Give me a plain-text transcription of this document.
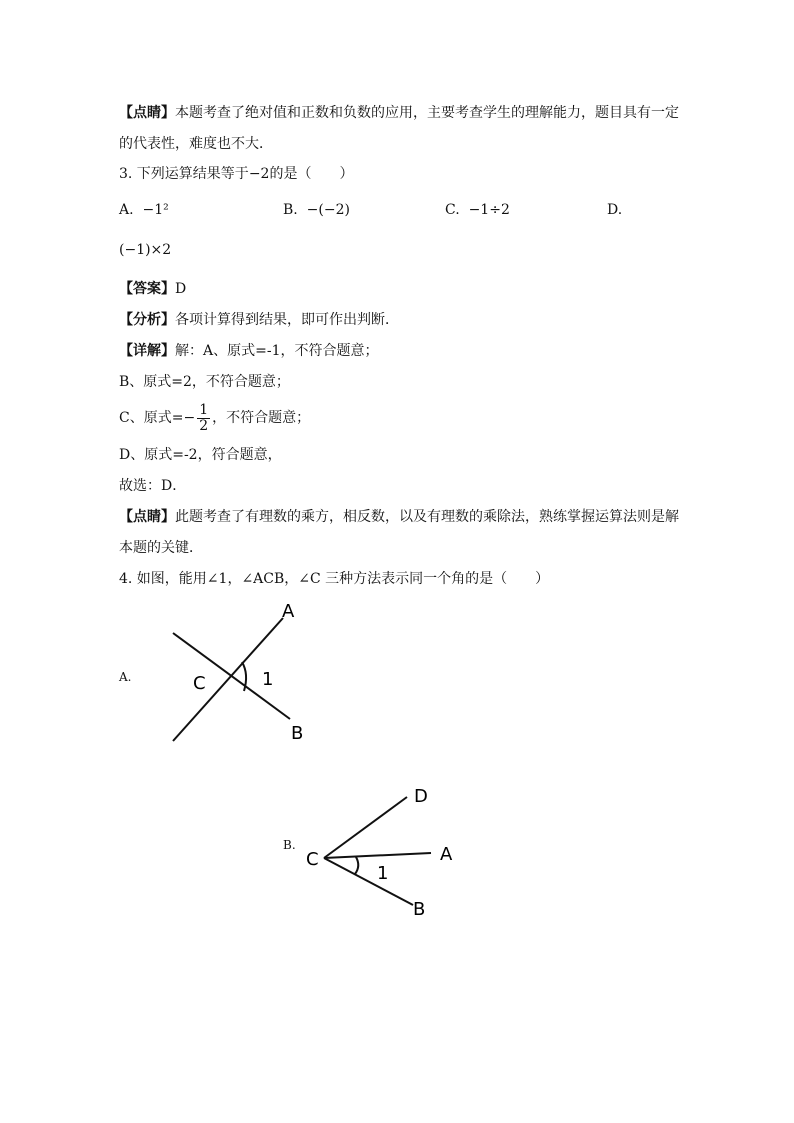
【点睛】本题考查了绝对值和正数和负数的应用，主要考查学生的理解能力，题目具有一定
的代表性，难度也不大．
3. 下列运算结果等于−2的是（　　）
A. −1²	B. −(−2)	C. −1÷2	D.
(−1)×2
【答案】D
【分析】各项计算得到结果，即可作出判断．
【详解】解：A、原式=-1，不符合题意；
B、原式=2，不符合题意；
C、原式=− $\frac{1}{2}$ ，不符合题意；
D、原式=-2，符合题意，
故选：D．
【点睛】此题考查了有理数的乘方，相反数，以及有理数的乘除法，熟练掌握运算法则是解
本题的关键．
4. 如图，能用∠1，∠ACB，∠C 三种方法表示同一个角的是（　　）
A.
A
B
C	1
B.
D
A
B
C
1
